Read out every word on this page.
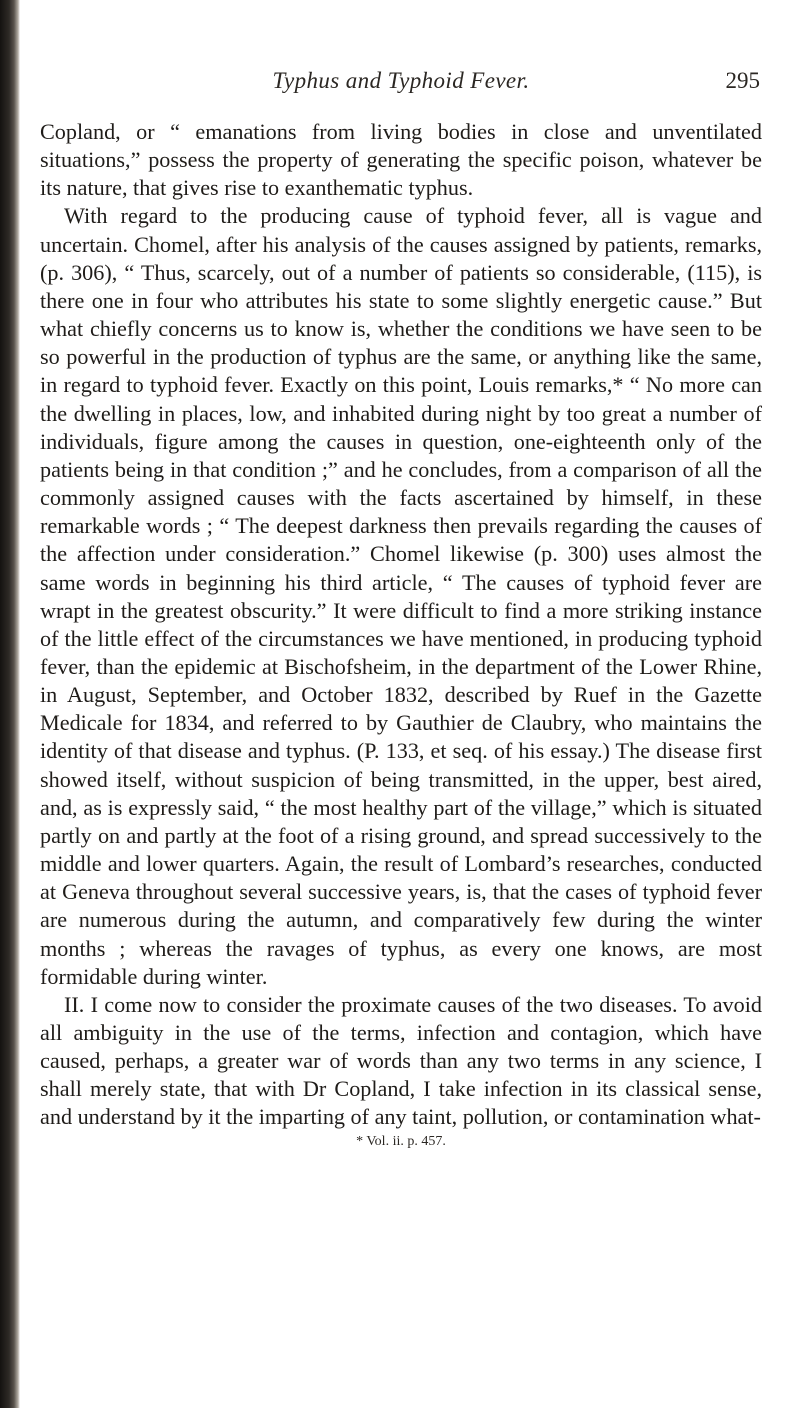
Typhus and Typhoid Fever.	295

Copland, or “ emanations from living bodies in close and unventilated situations,” possess the property of generating the specific poison, whatever be its nature, that gives rise to exanthematic typhus.

With regard to the producing cause of typhoid fever, all is vague and uncertain. Chomel, after his analysis of the causes assigned by patients, remarks, (p. 306), “ Thus, scarcely, out of a number of patients so considerable, (115), is there one in four who attributes his state to some slightly energetic cause.” But what chiefly concerns us to know is, whether the conditions we have seen to be so powerful in the production of typhus are the same, or anything like the same, in regard to typhoid fever. Exactly on this point, Louis remarks,* “ No more can the dwelling in places, low, and inhabited during night by too great a number of individuals, figure among the causes in question, one-eighteenth only of the patients being in that condition ;” and he concludes, from a comparison of all the commonly assigned causes with the facts ascertained by himself, in these remarkable words ; “ The deepest darkness then prevails regarding the causes of the affection under consideration.” Chomel likewise (p. 300) uses almost the same words in beginning his third article, “ The causes of typhoid fever are wrapt in the greatest obscurity.” It were difficult to find a more striking instance of the little effect of the circumstances we have mentioned, in producing typhoid fever, than the epidemic at Bischofsheim, in the department of the Lower Rhine, in August, September, and October 1832, described by Ruef in the Gazette Medicale for 1834, and referred to by Gauthier de Claubry, who maintains the identity of that disease and typhus. (P. 133, et seq. of his essay.) The disease first showed itself, without suspicion of being transmitted, in the upper, best aired, and, as is expressly said, “ the most healthy part of the village,” which is situated partly on and partly at the foot of a rising ground, and spread successively to the middle and lower quarters. Again, the result of Lombard’s researches, conducted at Geneva throughout several successive years, is, that the cases of typhoid fever are numerous during the autumn, and comparatively few during the winter months ; whereas the ravages of typhus, as every one knows, are most formidable during winter.

II. I come now to consider the proximate causes of the two diseases. To avoid all ambiguity in the use of the terms, infection and contagion, which have caused, perhaps, a greater war of words than any two terms in any science, I shall merely state, that with Dr Copland, I take infection in its classical sense, and understand by it the imparting of any taint, pollution, or contamination what-

* Vol. ii. p. 457.
